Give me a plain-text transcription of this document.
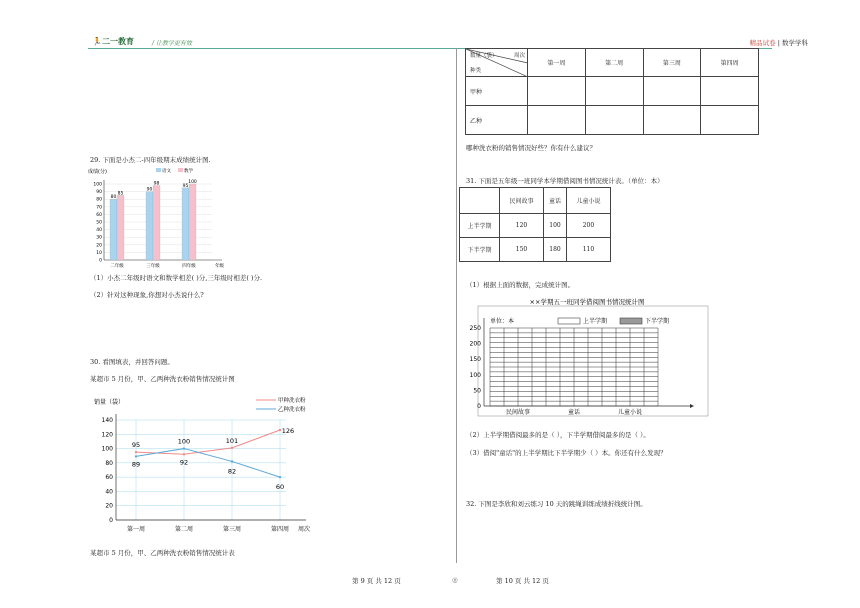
🏃二一教育	/ 让教学更有效	精品试卷 | 数学学科
29. 下面是小杰二-四年级期末成绩统计图.
成绩(分)
0
10
20
30
40
50
60
70
80
90
100
语文	数学
80
85
二年级
90
98
三年级
95
100
四年级	年级
（1）小杰二年级时语文和数学相差( )分,三年级时相差( )分.
（2）针对这种现象,你想对小杰说什么?
30. 看图填表，并回答问题。
某超市 5 月份，甲、乙两种洗衣粉销售情况统计图
销量（袋）
0
20
40
60
80
100
120
140
第一周	第二周	第三周	第四周 周次
95
92
101
126
甲种洗衣粉
89
100
82
60
乙种洗衣粉
某超市 5 月份，甲、乙两种洗衣粉销售情况统计表
数量（袋） 周次
种类	第一周	第二周	第三周	第四周
甲种				
乙种				
哪种洗衣粉的销售情况好些？你有什么建议？
31. 下面是五年级一班同学本学期借阅图书情况统计表。（单位：本）
	民间故事	童话	儿童小说
上半学期	120	100	200
下半学期	150	180	110
（1）根据上面的数据，完成统计图。
××学期五一班同学借阅图书情况统计图
单位：本	上半学期	下半学期
0
50
100
150
200
250
民间故事	童话	儿童小说
（2）上半学期借阅最多的是（ ），下半学期借阅最多的是（ ）。
（3）借阅"童话"的上半学期比下半学期少（ ）本。你还有什么发现？
32. 下图是李欣和刘云练习 10 天的跳绳训练成绩折线统计图。
第 9 页 共 12 页	◎	第 10 页 共 12 页
